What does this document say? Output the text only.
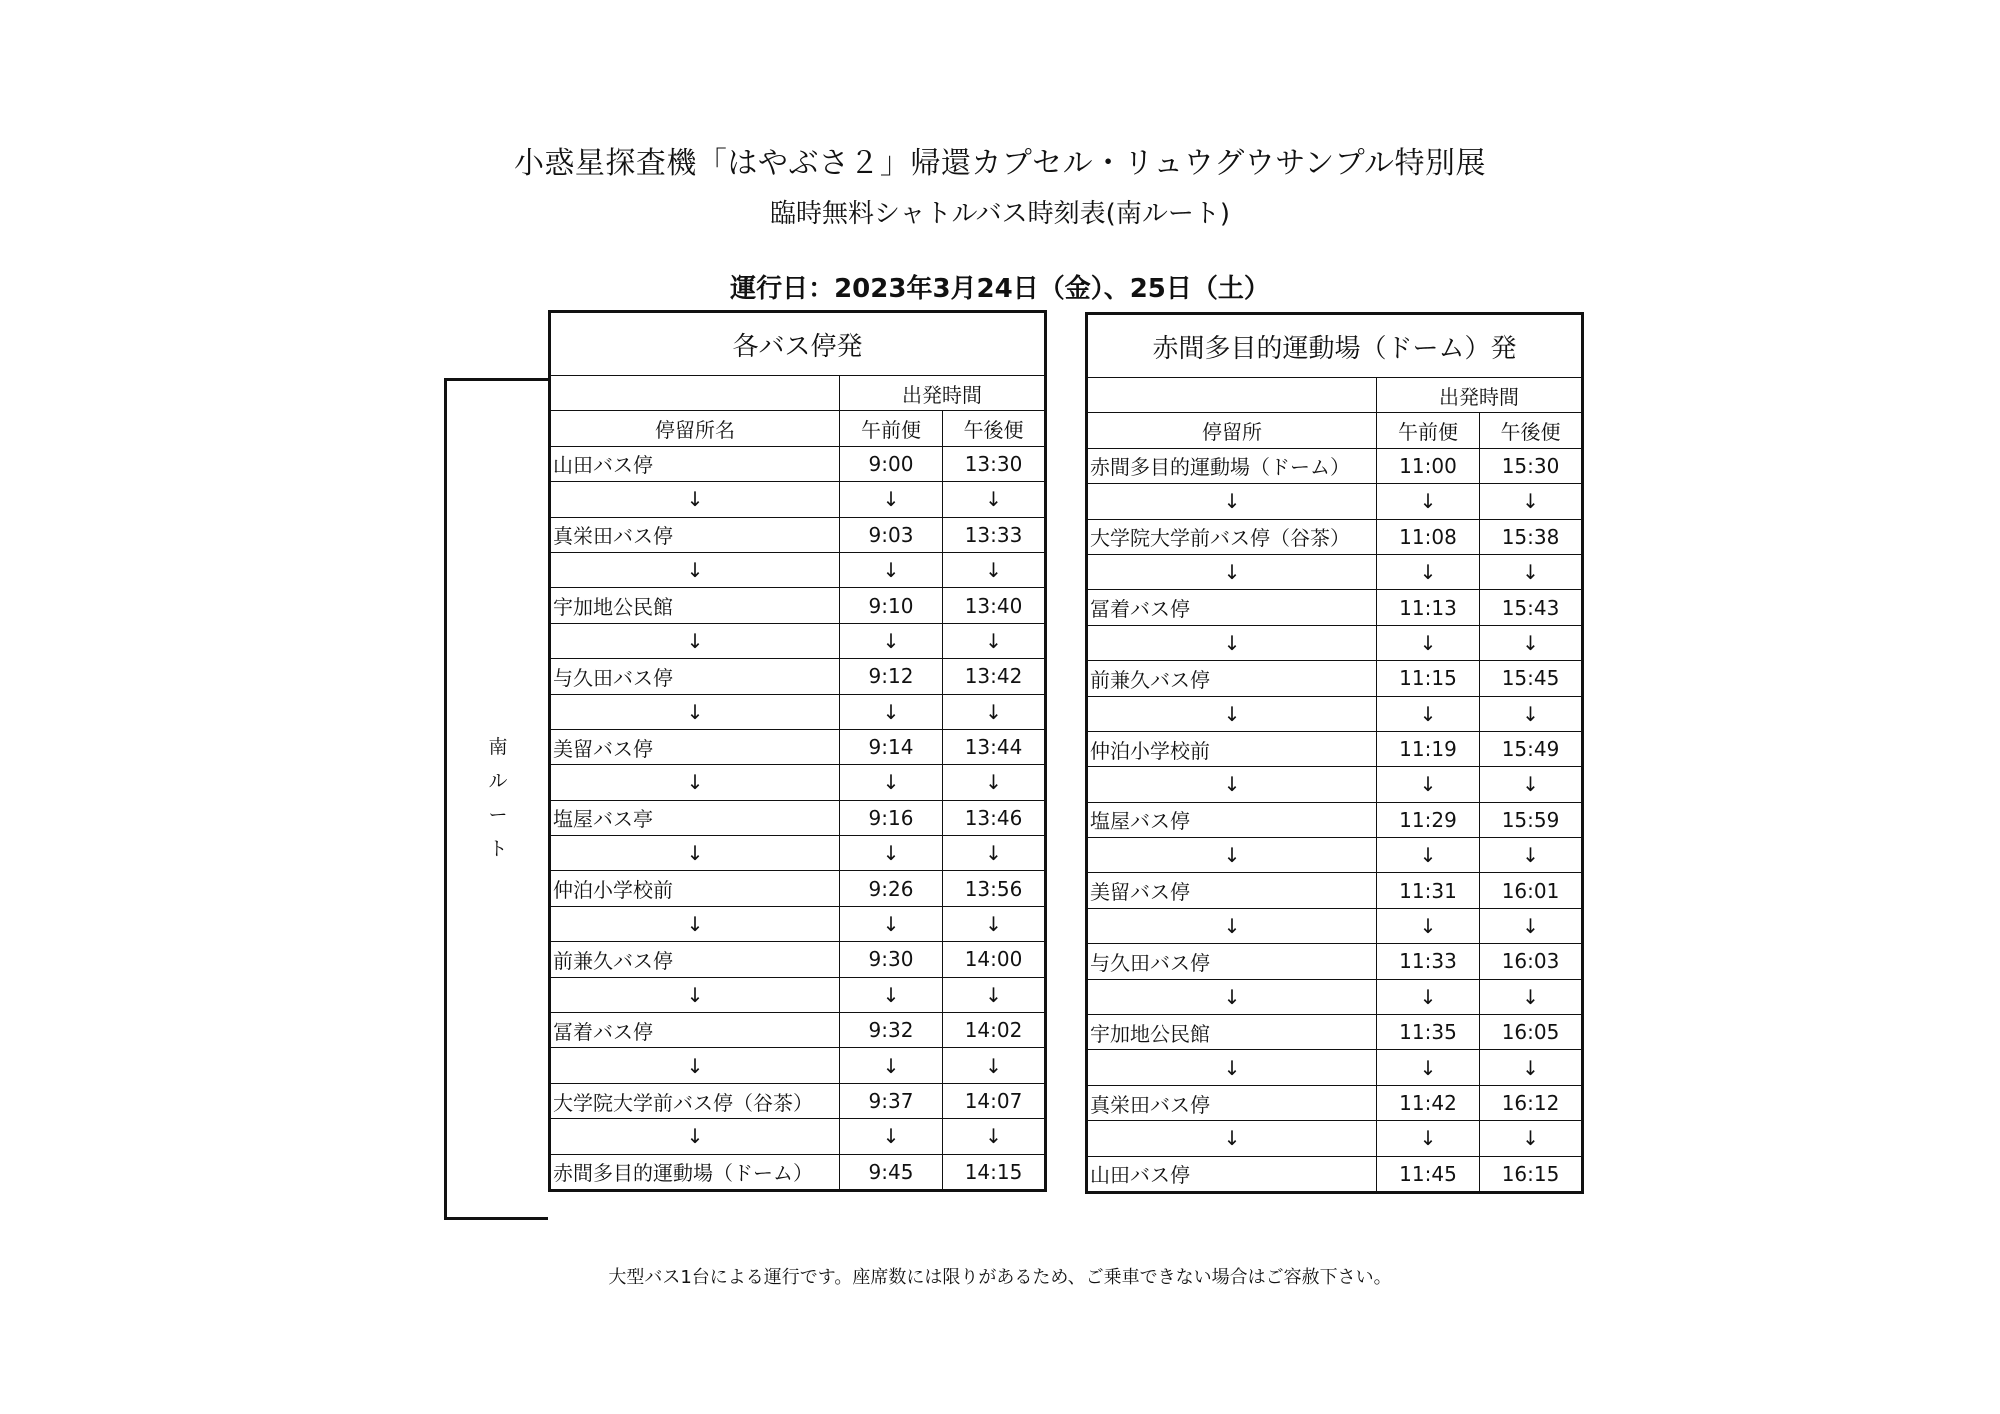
小惑星探査機「はやぶさ２」帰還カプセル・リュウグウサンプル特別展
臨時無料シャトルバス時刻表(南ルート)
運行日：2023年3月24日（金）、25日（土）
南
ル
ー
ト
各バス停発		
	出発時間	
停留所名	午前便	午後便
山田バス停	9:00	13:30
↓	↓	↓
真栄田バス停	9:03	13:33
↓	↓	↓
宇加地公民館	9:10	13:40
↓	↓	↓
与久田バス停	9:12	13:42
↓	↓	↓
美留バス停	9:14	13:44
↓	↓	↓
塩屋バス亭	9:16	13:46
↓	↓	↓
仲泊小学校前	9:26	13:56
↓	↓	↓
前兼久バス停	9:30	14:00
↓	↓	↓
冨着バス停	9:32	14:02
↓	↓	↓
大学院大学前バス停（谷茶）	9:37	14:07
↓	↓	↓
赤間多目的運動場（ドーム）	9:45	14:15
赤間多目的運動場（ドーム）発		
	出発時間	
停留所	午前便	午後便
赤間多目的運動場（ドーム）	11:00	15:30
↓	↓	↓
大学院大学前バス停（谷茶）	11:08	15:38
↓	↓	↓
冨着バス停	11:13	15:43
↓	↓	↓
前兼久バス停	11:15	15:45
↓	↓	↓
仲泊小学校前	11:19	15:49
↓	↓	↓
塩屋バス停	11:29	15:59
↓	↓	↓
美留バス停	11:31	16:01
↓	↓	↓
与久田バス停	11:33	16:03
↓	↓	↓
宇加地公民館	11:35	16:05
↓	↓	↓
真栄田バス停	11:42	16:12
↓	↓	↓
山田バス停	11:45	16:15
大型バス1台による運行です。座席数には限りがあるため、ご乗車できない場合はご容赦下さい。
